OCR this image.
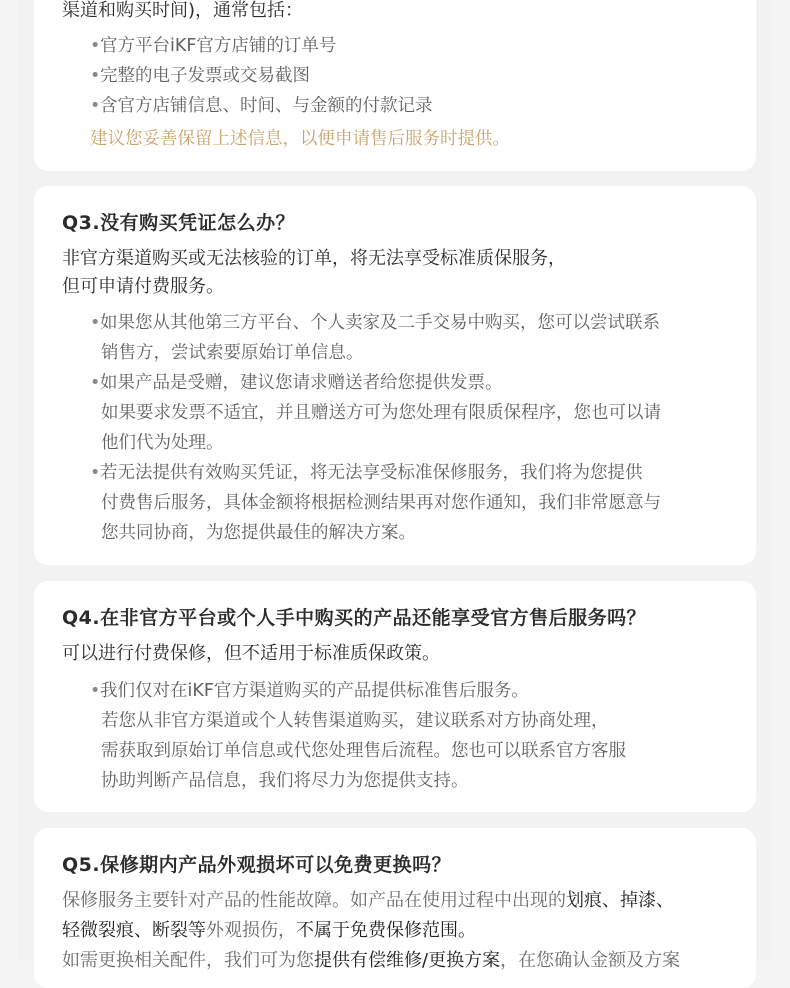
渠道和购买时间)，通常包括：
•官方平台iKF官方店铺的订单号
•完整的电子发票或交易截图
•含官方店铺信息、时间、与金额的付款记录
建议您妥善保留上述信息，以便申请售后服务时提供。
Q3.没有购买凭证怎么办？
非官方渠道购买或无法核验的订单，将无法享受标准质保服务，
但可申请付费服务。
•如果您从其他第三方平台、个人卖家及二手交易中购买，您可以尝试联系
销售方，尝试索要原始订单信息。
•如果产品是受赠，建议您请求赠送者给您提供发票。
如果要求发票不适宜，并且赠送方可为您处理有限质保程序，您也可以请
他们代为处理。
•若无法提供有效购买凭证，将无法享受标准保修服务，我们将为您提供
付费售后服务，具体金额将根据检测结果再对您作通知，我们非常愿意与
您共同协商，为您提供最佳的解决方案。
Q4.在非官方平台或个人手中购买的产品还能享受官方售后服务吗？
可以进行付费保修，但不适用于标准质保政策。
•我们仅对在iKF官方渠道购买的产品提供标准售后服务。
若您从非官方渠道或个人转售渠道购买，建议联系对方协商处理，
需获取到原始订单信息或代您处理售后流程。您也可以联系官方客服
协助判断产品信息，我们将尽力为您提供支持。
Q5.保修期内产品外观损坏可以免费更换吗？
保修服务主要针对产品的性能故障。如产品在使用过程中出现的划痕、掉漆、
轻微裂痕、断裂等外观损伤，不属于免费保修范围。
如需更换相关配件，我们可为您提供有偿维修/更换方案，在您确认金额及方案
